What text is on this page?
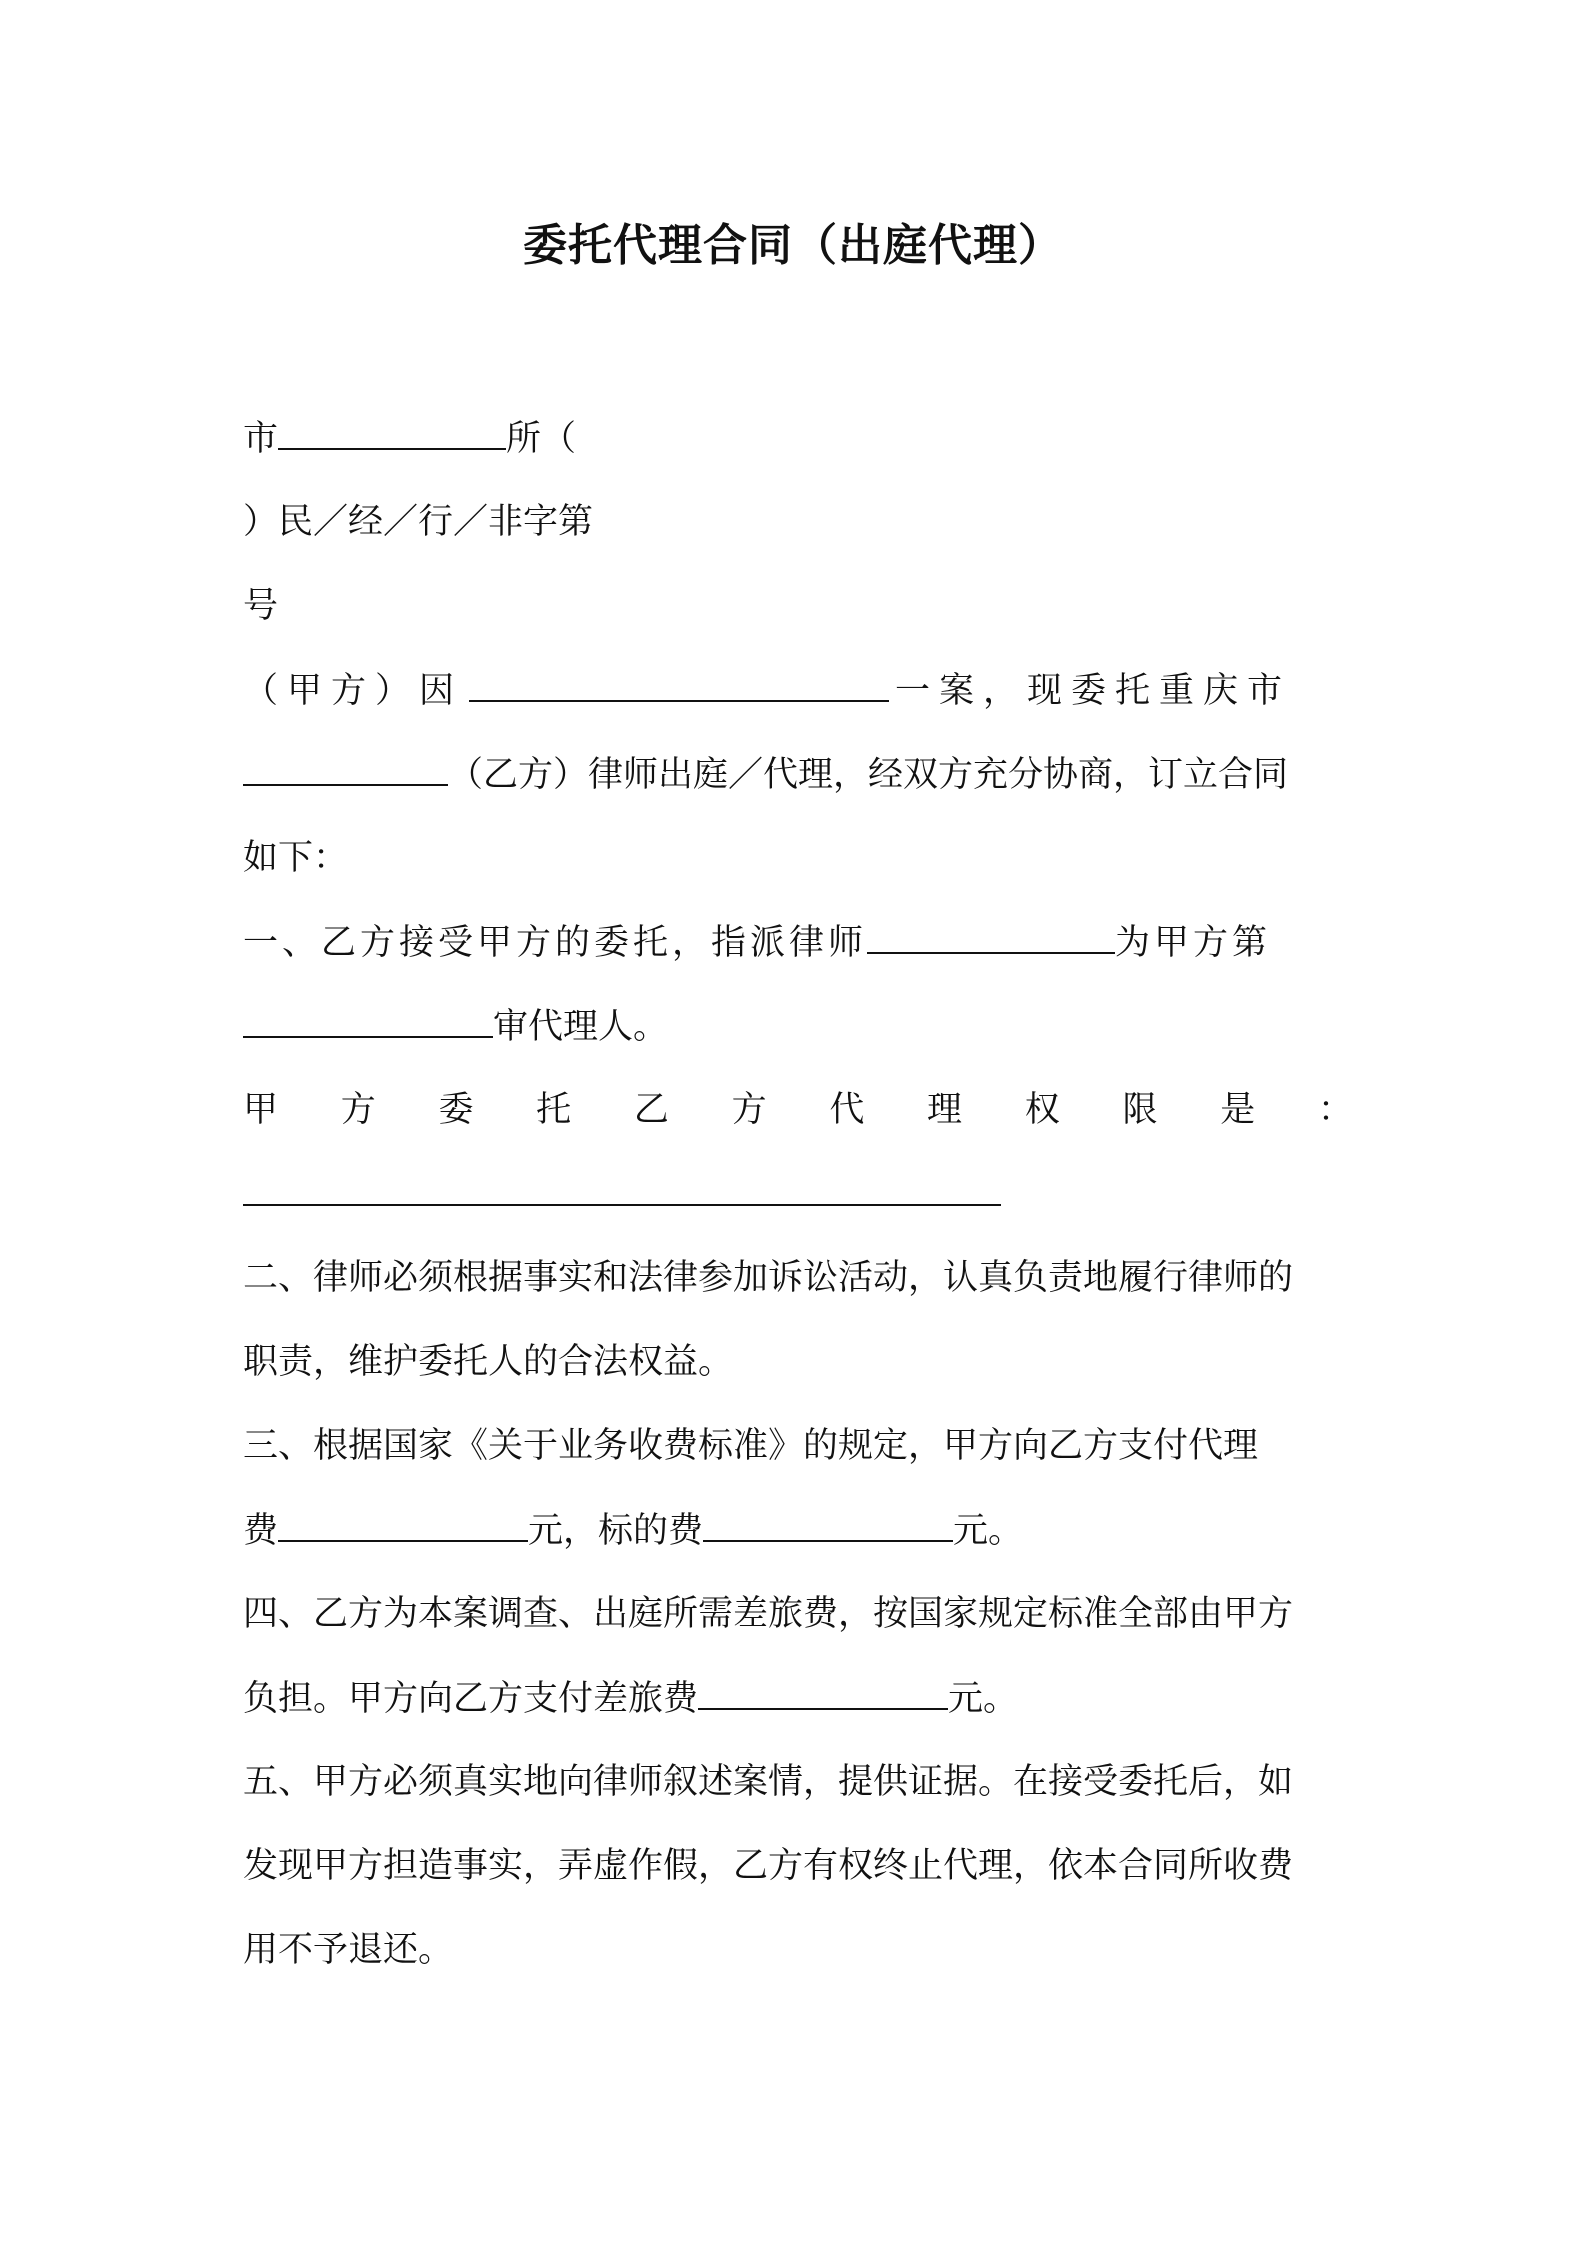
委托代理合同（出庭代理）
市	所（
）民／经／行／非字第
号
（甲方）因	一案，现委托重庆市
（乙方）律师出庭／代理，经双方充分协商，订立合同
如下：
一、乙方接受甲方的委托，指派律师	为甲方第
审代理人。
甲 方 委 托 乙 方 代 理 权 限 是 ：
二、律师必须根据事实和法律参加诉讼活动，认真负责地履行律师的
职责，维护委托人的合法权益。
三、根据国家《关于业务收费标准》的规定，甲方向乙方支付代理
费	元，标的费	元。
四、乙方为本案调查、出庭所需差旅费，按国家规定标准全部由甲方
负担。甲方向乙方支付差旅费	元。
五、甲方必须真实地向律师叙述案情，提供证据。在接受委托后，如
发现甲方担造事实，弄虚作假，乙方有权终止代理，依本合同所收费
用不予退还。
